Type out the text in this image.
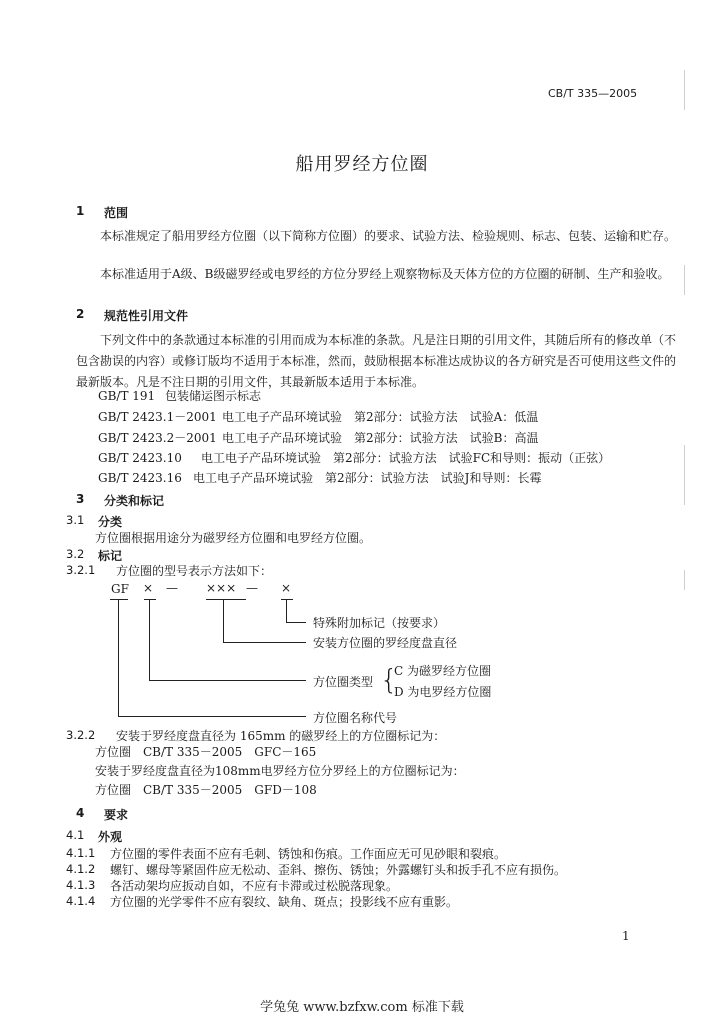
CB/T 335—2005
船用罗经方位圈
1 范围
本标准规定了船用罗经方位圈（以下简称方位圈）的要求、试验方法、检验规则、标志、包装、运输和贮存。
本标准适用于A级、B级磁罗经或电罗经的方位分罗经上观察物标及天体方位的方位圈的研制、生产和验收。
2 规范性引用文件
下列文件中的条款通过本标准的引用而成为本标准的条款。凡是注日期的引用文件，其随后所有的修改单（不包含勘误的内容）或修订版均不适用于本标准，然而，鼓励根据本标准达成协议的各方研究是否可使用这些文件的最新版本。凡是不注日期的引用文件，其最新版本适用于本标准。
GB/T 191 包装储运图示标志
GB/T 2423.1－2001 电工电子产品环境试验　第2部分：试验方法　试验A：低温
GB/T 2423.2－2001 电工电子产品环境试验　第2部分：试验方法　试验B：高温
GB/T 2423.10 电工电子产品环境试验　第2部分：试验方法　试验FC和导则：振动（正弦）
GB/T 2423.16 电工电子产品环境试验　第2部分：试验方法　试验J和导则：长霉
3 分类和标记
3.1 分类
方位圈根据用途分为磁罗经方位圈和电罗经方位圈。
3.2 标记
3.2.1 方位圈的型号表示方法如下：
GF × — ××× — ×
特殊附加标记（按要求）
安装方位圈的罗经度盘直径
方位圈类型 {
C 为磁罗经方位圈
D 为电罗经方位圈
方位圈名称代号
3.2.2 安装于罗经度盘直径为 165mm 的磁罗经上的方位圈标记为：
方位圈　CB/T 335－2005　GFC－165
安装于罗经度盘直径为108mm电罗经方位分罗经上的方位圈标记为：
方位圈　CB/T 335－2005　GFD－108
4 要求
4.1 外观
4.1.1 方位圈的零件表面不应有毛刺、锈蚀和伤痕。工作面应无可见砂眼和裂痕。
4.1.2 螺钉、螺母等紧固件应无松动、歪斜、擦伤、锈蚀；外露螺钉头和扳手孔不应有损伤。
4.1.3 各活动架均应扳动自如，不应有卡滞或过松脱落现象。
4.1.4 方位圈的光学零件不应有裂纹、缺角、斑点；投影线不应有重影。
1
学兔兔 www.bzfxw.com 标准下载
